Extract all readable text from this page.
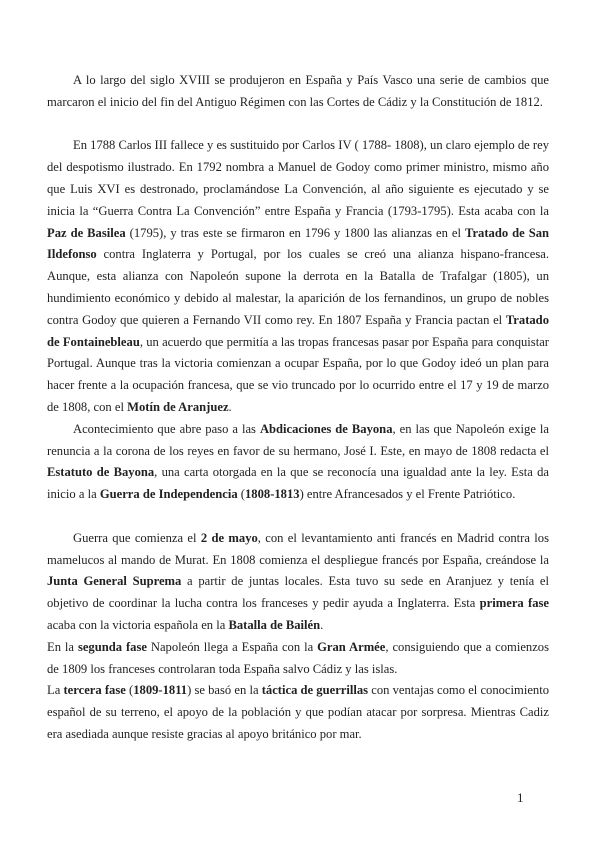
A lo largo del siglo XVIII se produjeron en España y País Vasco una serie de cambios que marcaron el inicio del fin del Antiguo Régimen con las Cortes de Cádiz y la Constitución de 1812.

En 1788 Carlos III fallece y es sustituido por Carlos IV ( 1788- 1808), un claro ejemplo de rey del despotismo ilustrado. En 1792 nombra a Manuel de Godoy como primer ministro, mismo año que Luis XVI es destronado, proclamándose La Convención, al año siguiente es ejecutado y se inicia la “Guerra Contra La Convención” entre España y Francia (1793-1795). Esta acaba con la Paz de Basilea (1795), y tras este se firmaron en 1796 y 1800 las alianzas en el Tratado de San Ildefonso contra Inglaterra y Portugal, por los cuales se creó una alianza hispano-francesa. Aunque, esta alianza con Napoleón supone la derrota en la Batalla de Trafalgar (1805), un hundimiento económico y debido al malestar, la aparición de los fernandinos, un grupo de nobles contra Godoy que quieren a Fernando VII como rey. En 1807 España y Francia pactan el Tratado de Fontainebleau, un acuerdo que permitía a las tropas francesas pasar por España para conquistar Portugal. Aunque tras la victoria comienzan a ocupar España, por lo que Godoy ideó un plan para hacer frente a la ocupación francesa, que se vio truncado por lo ocurrido entre el 17 y 19 de marzo de 1808, con el Motín de Aranjuez.

Acontecimiento que abre paso a las Abdicaciones de Bayona, en las que Napoleón exige la renuncia a la corona de los reyes en favor de su hermano, José I. Este, en mayo de 1808 redacta el Estatuto de Bayona, una carta otorgada en la que se reconocía una igualdad ante la ley. Esta da inicio a la Guerra de Independencia (1808-1813) entre Afrancesados y el Frente Patriótico.

Guerra que comienza el 2 de mayo, con el levantamiento anti francés en Madrid contra los mamelucos al mando de Murat. En 1808 comienza el despliegue francés por España, creándose la Junta General Suprema a partir de juntas locales. Esta tuvo su sede en Aranjuez y tenía el objetivo de coordinar la lucha contra los franceses y pedir ayuda a Inglaterra. Esta primera fase acaba con la victoria española en la Batalla de Bailén.

En la segunda fase Napoleón llega a España con la Gran Armée, consiguiendo que a comienzos de 1809 los franceses controlaran toda España salvo Cádiz y las islas.

La tercera fase (1809-1811) se basó en la táctica de guerrillas con ventajas como el conocimiento español de su terreno, el apoyo de la población y que podían atacar por sorpresa. Mientras Cadiz era asediada aunque resiste gracias al apoyo británico por mar.

1
